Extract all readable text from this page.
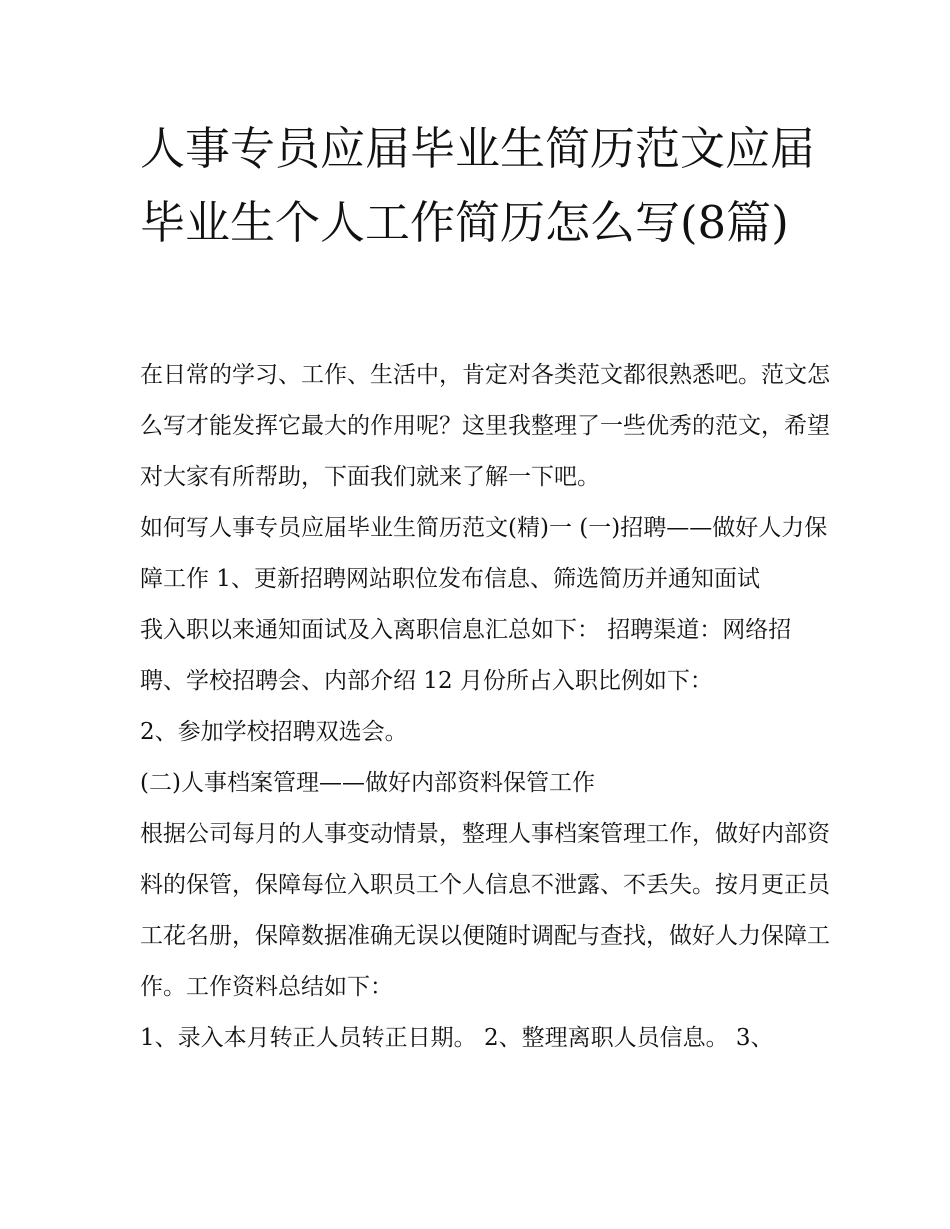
人事专员应届毕业生简历范文应届毕业生个人工作简历怎么写(8篇)

在日常的学习、工作、生活中，肯定对各类范文都很熟悉吧。范文怎么写才能发挥它最大的作用呢？这里我整理了一些优秀的范文，希望对大家有所帮助，下面我们就来了解一下吧。

如何写人事专员应届毕业生简历范文(精)一 (一)招聘——做好人力保障工作 1、更新招聘网站职位发布信息、筛选简历并通知面试

我入职以来通知面试及入离职信息汇总如下： 招聘渠道：网络招聘、学校招聘会、内部介绍 12 月份所占入职比例如下：

2、参加学校招聘双选会。

(二)人事档案管理——做好内部资料保管工作

根据公司每月的人事变动情景，整理人事档案管理工作，做好内部资料的保管，保障每位入职员工个人信息不泄露、不丢失。按月更正员工花名册，保障数据准确无误以便随时调配与查找，做好人力保障工作。工作资料总结如下：

1、录入本月转正人员转正日期。 2、整理离职人员信息。 3、
